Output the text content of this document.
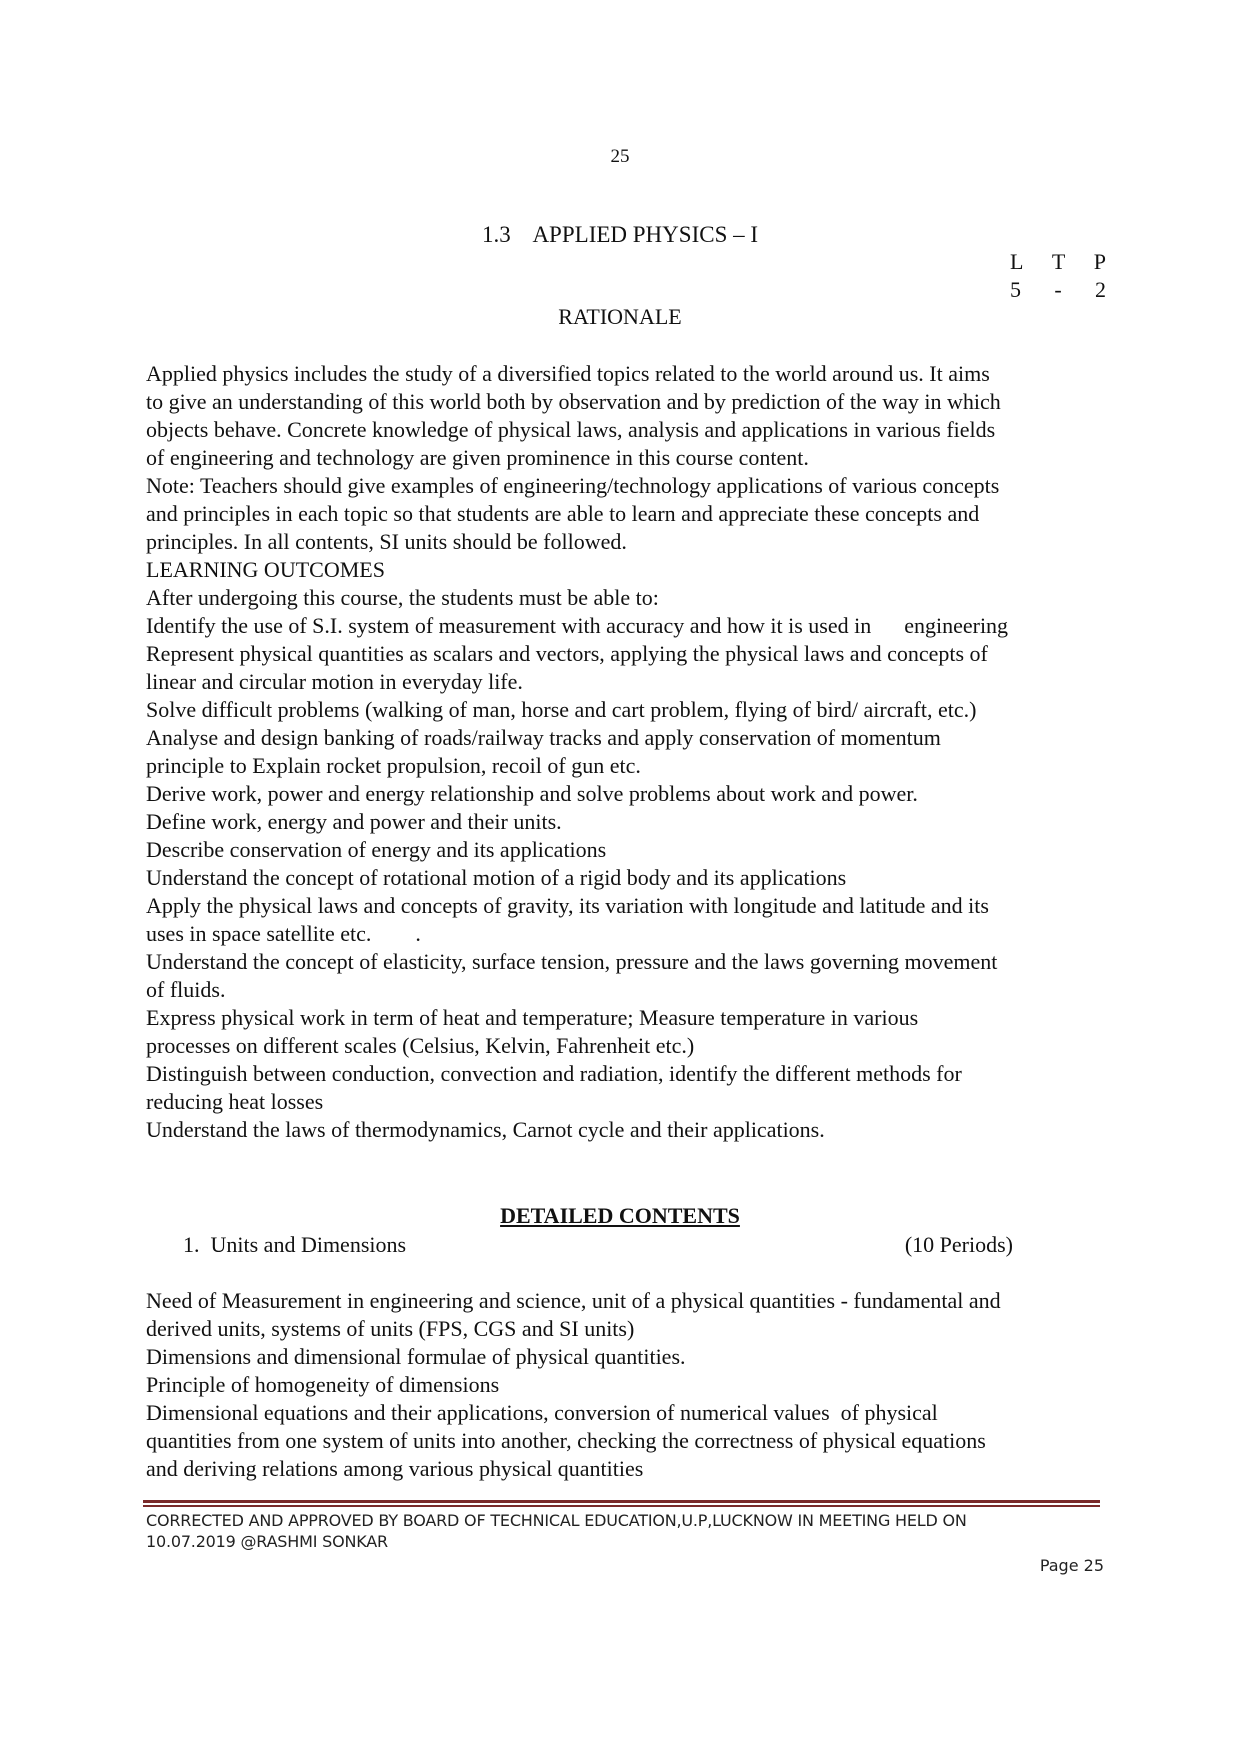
25
1.3    APPLIED PHYSICS – I
L T P
5 - 2
RATIONALE

Applied physics includes the study of a diversified topics related to the world around us. It aims

to give an understanding of this world both by observation and by prediction of the way in which

objects behave. Concrete knowledge of physical laws, analysis and applications in various fields

of engineering and technology are given prominence in this course content.

Note: Teachers should give examples of engineering/technology applications of various concepts

and principles in each topic so that students are able to learn and appreciate these concepts and

principles. In all contents, SI units should be followed.

LEARNING OUTCOMES

After undergoing this course, the students must be able to:

Identify the use of S.I. system of measurement with accuracy and how it is used in      engineering

Represent physical quantities as scalars and vectors, applying the physical laws and concepts of

linear and circular motion in everyday life.

Solve difficult problems (walking of man, horse and cart problem, flying of bird/ aircraft, etc.)

Analyse and design banking of roads/railway tracks and apply conservation of momentum

principle to Explain rocket propulsion, recoil of gun etc.

Derive work, power and energy relationship and solve problems about work and power.

Define work, energy and power and their units.

Describe conservation of energy and its applications

Understand the concept of rotational motion of a rigid body and its applications

Apply the physical laws and concepts of gravity, its variation with longitude and latitude and its

uses in space satellite etc.        .

Understand the concept of elasticity, surface tension, pressure and the laws governing movement

of fluids.

Express physical work in term of heat and temperature; Measure temperature in various

processes on different scales (Celsius, Kelvin, Fahrenheit etc.)

Distinguish between conduction, convection and radiation, identify the different methods for

reducing heat losses

Understand the laws of thermodynamics, Carnot cycle and their applications.

DETAILED CONTENTS
1.  Units and Dimensions	(10 Periods)

Need of Measurement in engineering and science, unit of a physical quantities - fundamental and

derived units, systems of units (FPS, CGS and SI units)

Dimensions and dimensional formulae of physical quantities.

Principle of homogeneity of dimensions

Dimensional equations and their applications, conversion of numerical values  of physical

quantities from one system of units into another, checking the correctness of physical equations

and deriving relations among various physical quantities

CORRECTED AND APPROVED BY BOARD OF TECHNICAL EDUCATION,U.P,LUCKNOW IN MEETING HELD ON
10.07.2019 @RASHMI SONKAR
Page 25
